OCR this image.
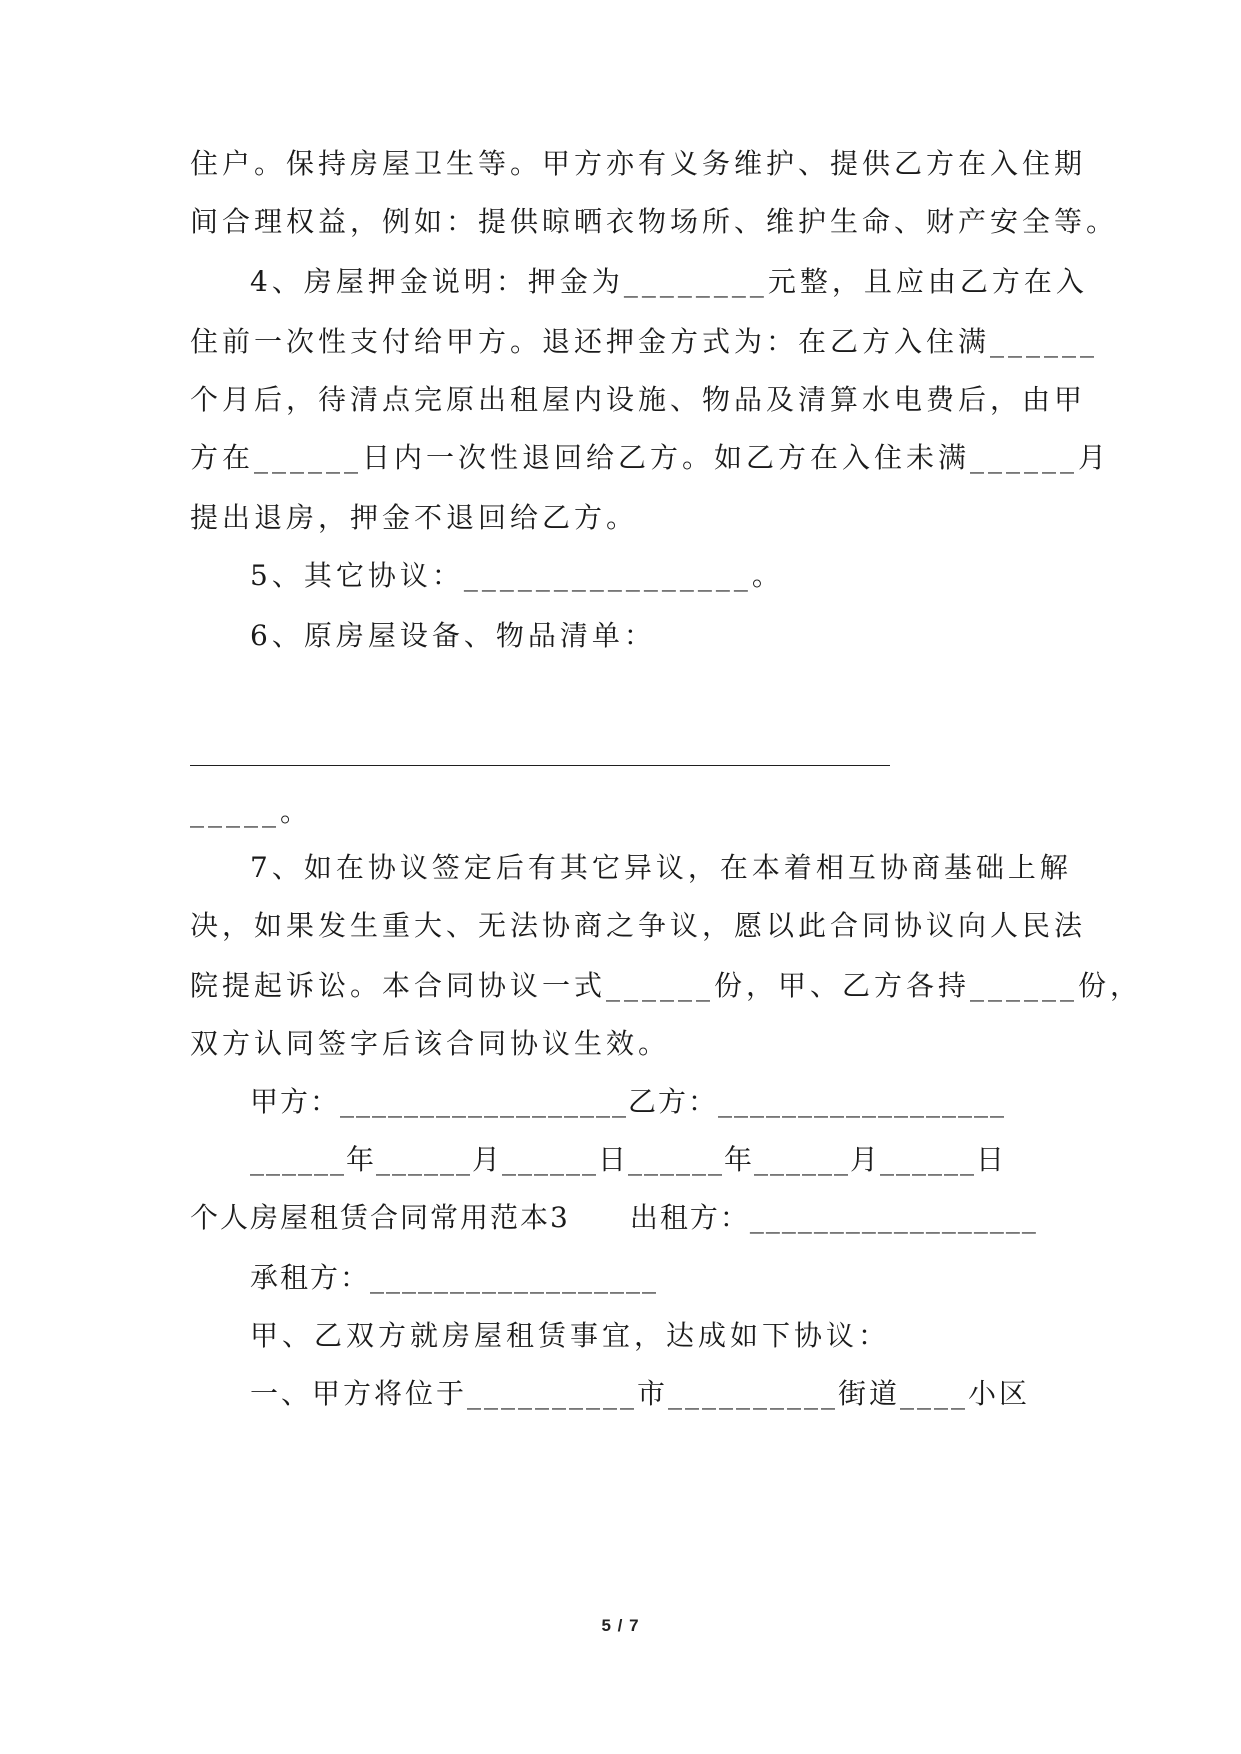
住户。保持房屋卫生等。甲方亦有义务维护、提供乙方在入住期
间合理权益，例如：提供晾晒衣物场所、维护生命、财产安全等。
4、房屋押金说明：押金为________元整，且应由乙方在入
住前一次性支付给甲方。退还押金方式为：在乙方入住满______
个月后，待清点完原出租屋内设施、物品及清算水电费后，由甲
方在______日内一次性退回给乙方。如乙方在入住未满______月
提出退房，押金不退回给乙方。
5、其它协议：________________。
6、原房屋设备、物品清单：
________________________________________________________
_____。
7、如在协议签定后有其它异议，在本着相互协商基础上解
决，如果发生重大、无法协商之争议，愿以此合同协议向人民法
院提起诉讼。本合同协议一式______份，甲、乙方各持______份，
双方认同签字后该合同协议生效。
甲方：__________________乙方：__________________
______年______月______日______年______月______日
个人房屋租赁合同常用范本3　　出租方：__________________
承租方：__________________
甲、乙双方就房屋租赁事宜，达成如下协议：
一、甲方将位于__________市__________街道____小区
5 / 7
